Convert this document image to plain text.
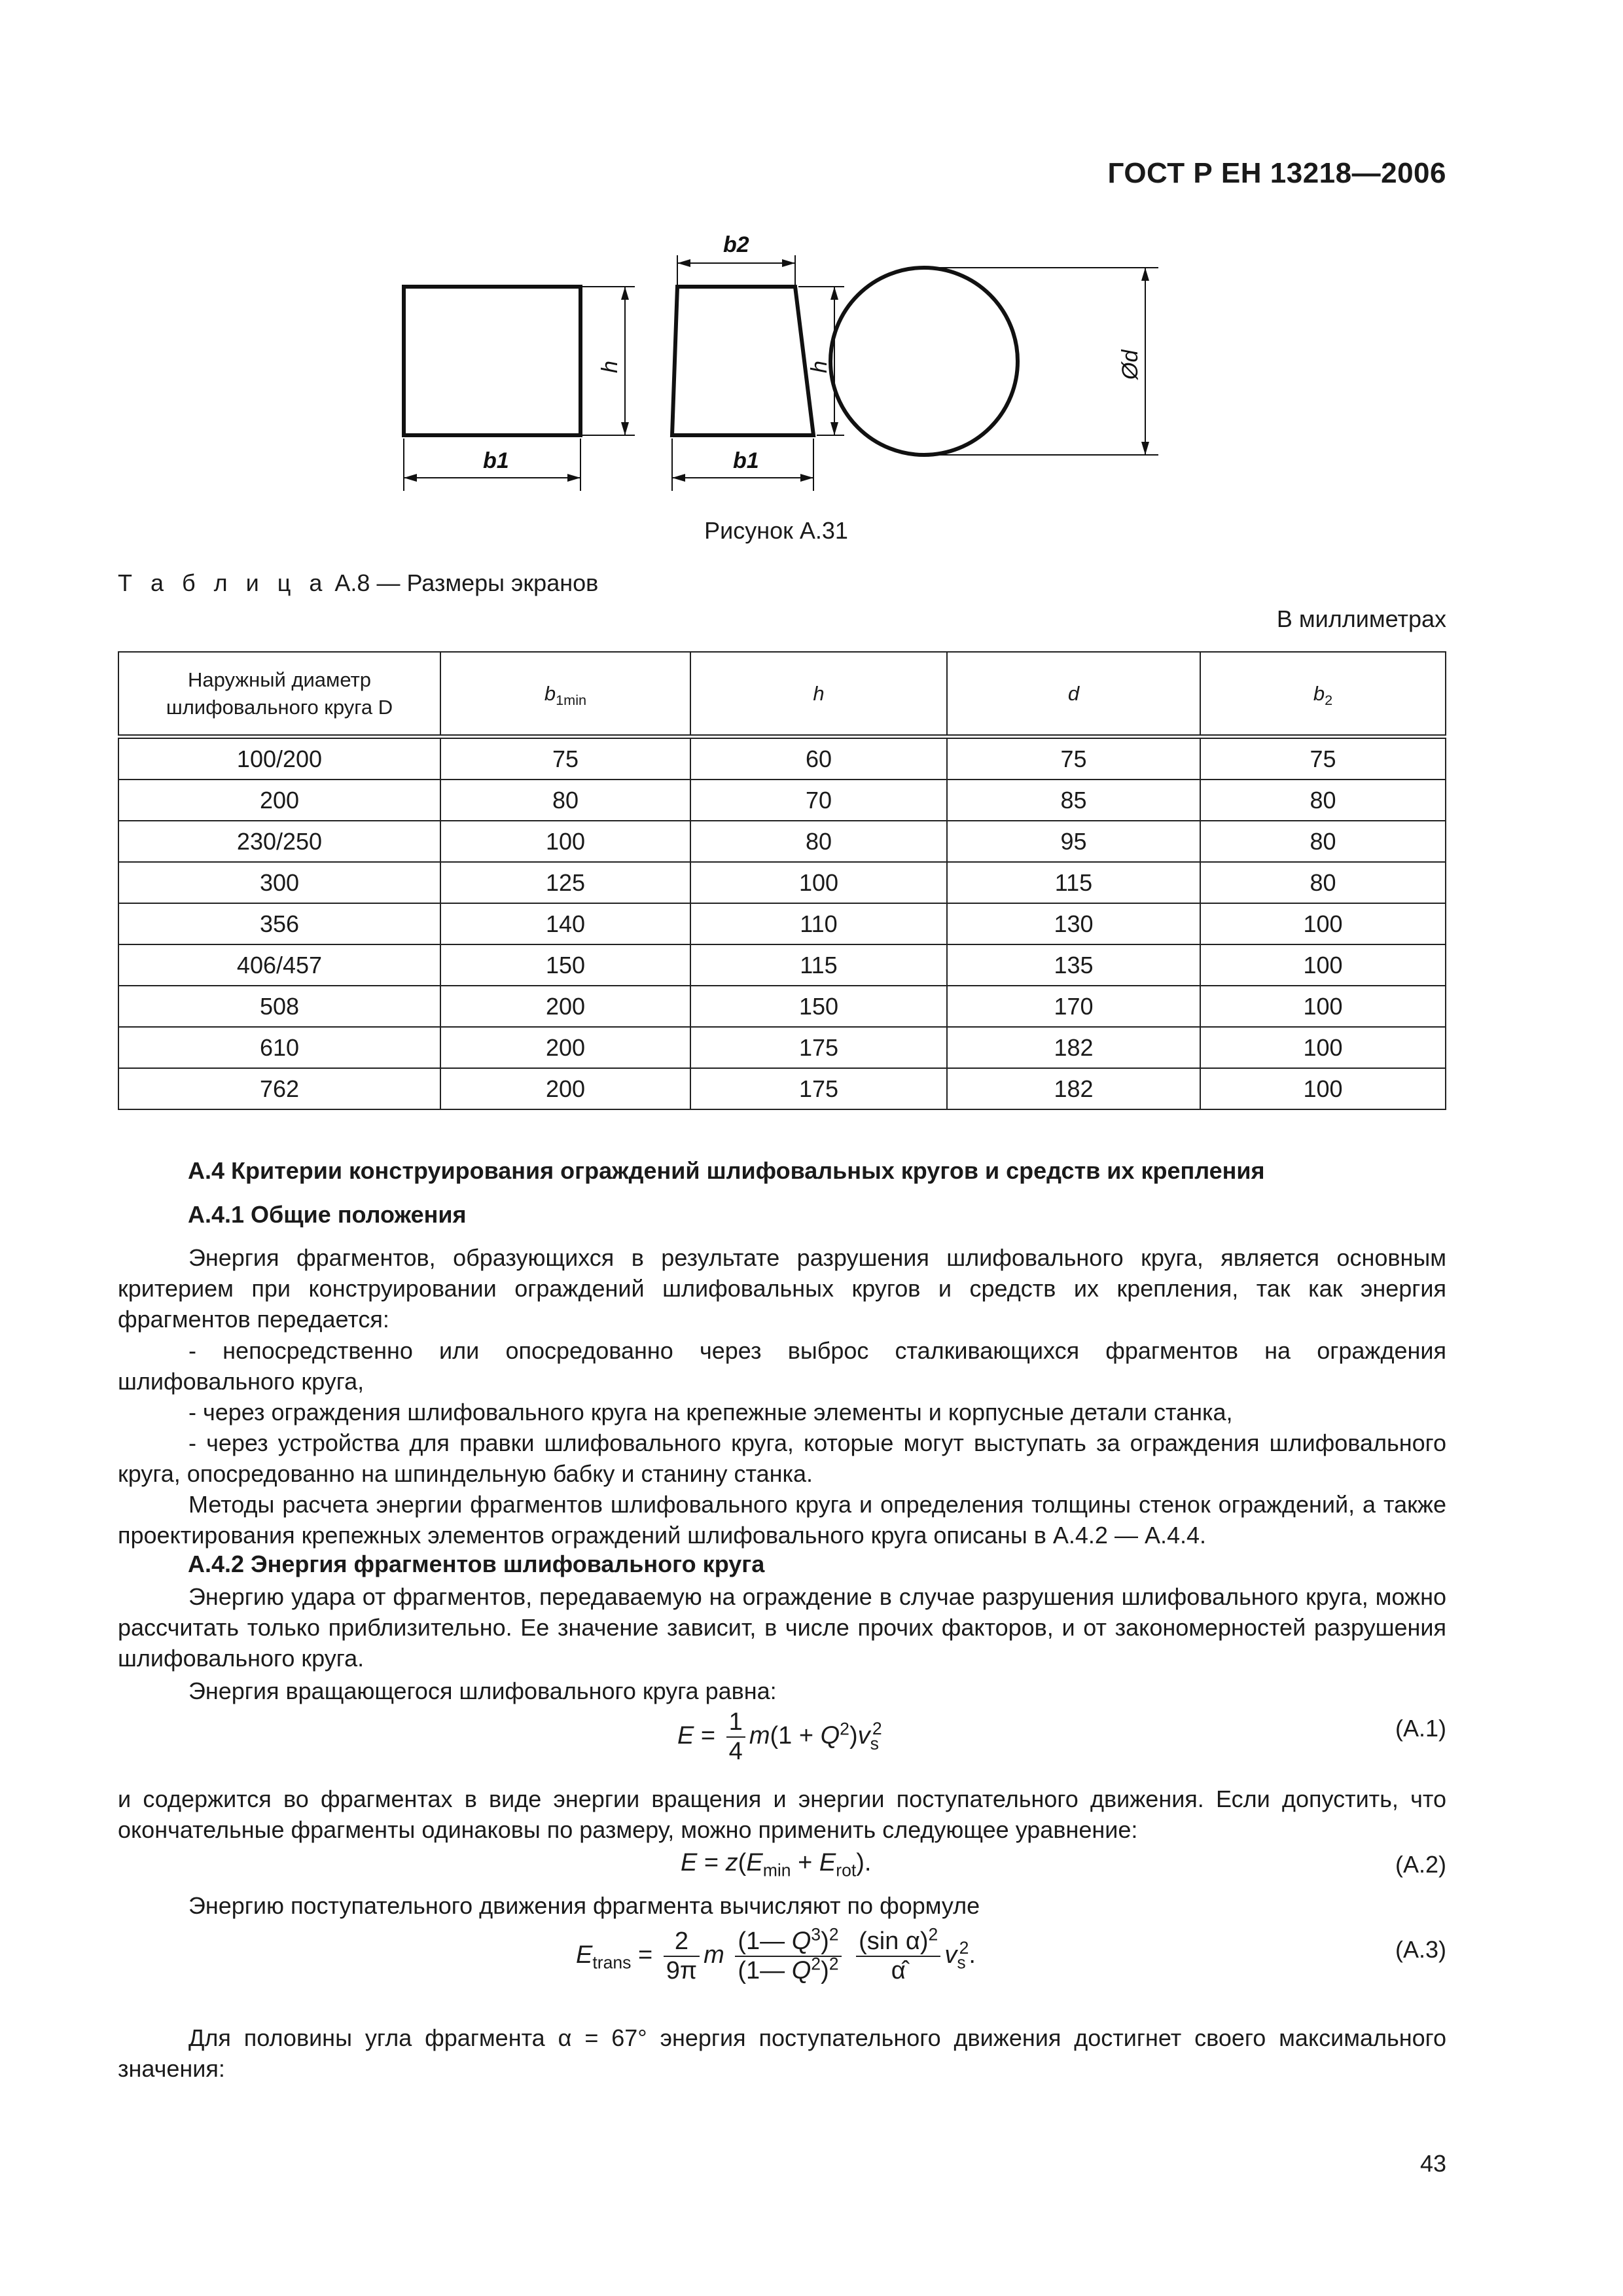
ГОСТ Р ЕН 13218—2006
b1	b1
b2
h	h	Ød
Рисунок А.31
Т а б л и ц а А.8 — Размеры экранов
В миллиметрах
Наружный диаметр шлифовального круга D	$b_{1min}$	h	d	$b_2$
100/200	75	60	75	75
200	80	70	85	80
230/250	100	80	95	80
300	125	100	115	80
356	140	110	130	100
406/457	150	115	135	100
508	200	150	170	100
610	200	175	182	100
762	200	175	182	100
А.4 Критерии конструирования ограждений шлифовальных кругов и средств их крепления
А.4.1 Общие положения
Энергия фрагментов, образующихся в результате разрушения шлифовального круга, является основным критерием при конструировании ограждений шлифовальных кругов и средств их крепления, так как энергия фрагментов передается:
- непосредственно или опосредованно через выброс сталкивающихся фрагментов на ограждения шлифовального круга,
- через ограждения шлифовального круга на крепежные элементы и корпусные детали станка,
- через устройства для правки шлифовального круга, которые могут выступать за ограждения шлифовального круга, опосредованно на шпиндельную бабку и станину станка.
Методы расчета энергии фрагментов шлифовального круга и определения толщины стенок ограждений, а также проектирования крепежных элементов ограждений шлифовального круга описаны в А.4.2 — А.4.4.
А.4.2 Энергия фрагментов шлифовального круга
Энергию удара от фрагментов, передаваемую на ограждение в случае разрушения шлифовального круга, можно рассчитать только приблизительно. Ее значение зависит, в числе прочих факторов, и от закономерностей разрушения шлифовального круга.
Энергия вращающегося шлифовального круга равна:
$E = \frac{1}{4} m(1 + Q^2)v_s^2$	(А.1)
и содержится во фрагментах в виде энергии вращения и энергии поступательного движения. Если допустить, что окончательные фрагменты одинаковы по размеру, можно применить следующее уравнение:
$E = z(E_{min} + E_{rot})$.	(А.2)
Энергию поступательного движения фрагмента вычисляют по формуле
$E_{trans} = \frac{2}{9\pi}$ m $\frac{(1— Q^3)^2}{(1— Q^2)^2}$
$\frac{(\sin \alpha)^2}{\alphâ} v_s^2$.	(А.3)
Для половины угла фрагмента α = 67° энергия поступательного движения достигнет своего максимального значения:
43
